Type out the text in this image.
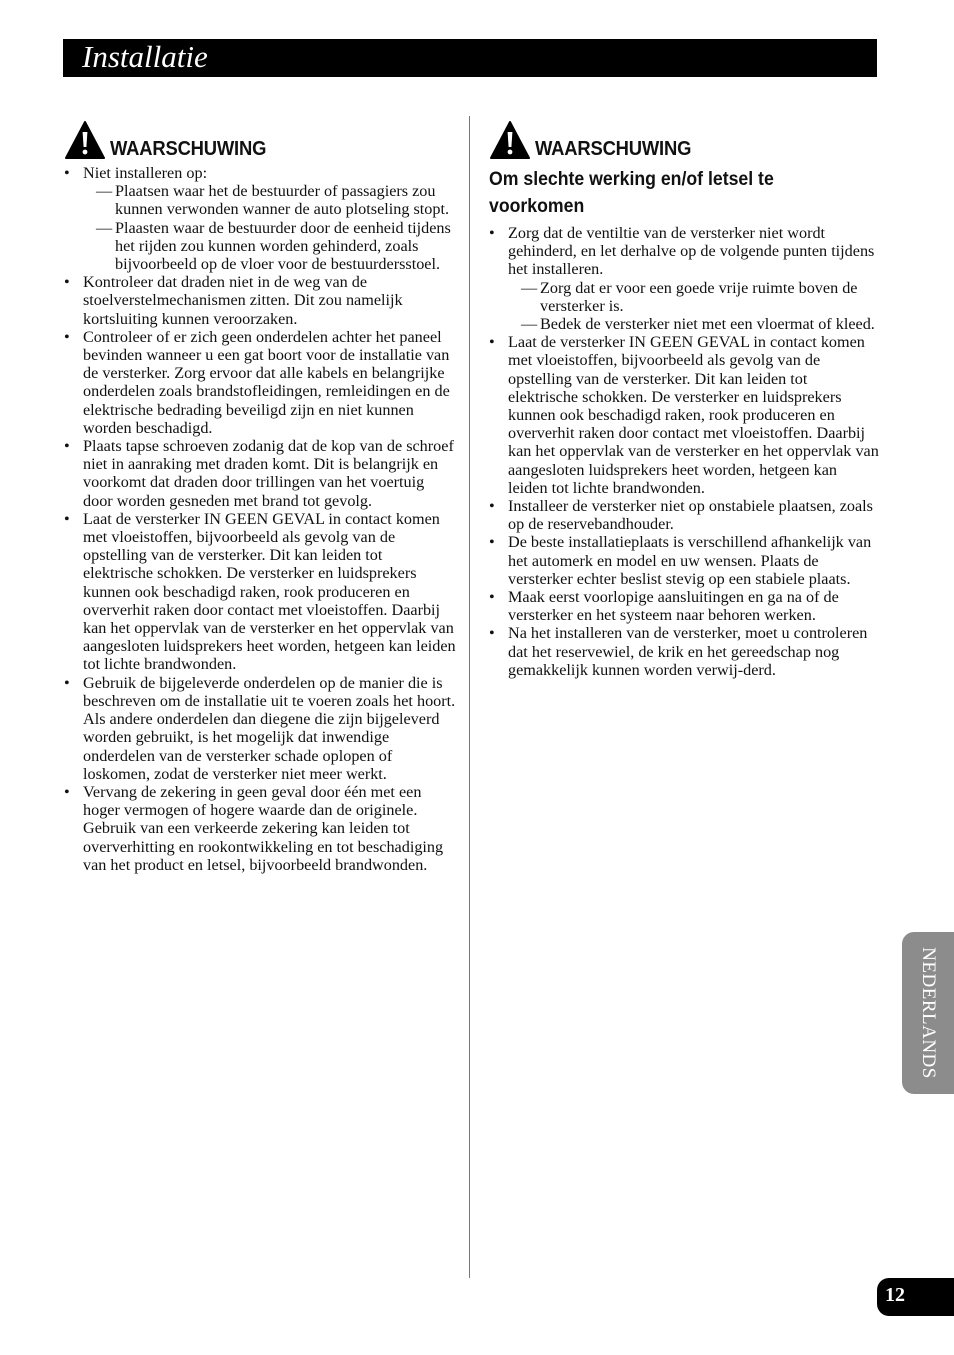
Installatie
WAARSCHUWING
• Niet installeren op:
— Plaatsen waar het de bestuurder of passagiers zou kunnen verwonden wanner de auto plotseling stopt.
— Plaasten waar de bestuurder door de eenheid tijdens het rijden zou kunnen worden gehinderd, zoals bijvoorbeeld op de vloer voor de bestuurdersstoel.
• Kontroleer dat draden niet in de weg van de stoelverstelmechanismen zitten. Dit zou namelijk kortsluiting kunnen veroorzaken.
• Controleer of er zich geen onderdelen achter het paneel bevinden wanneer u een gat boort voor de installatie van de versterker. Zorg ervoor dat alle kabels en belangrijke onderdelen zoals brandstofleidingen, remleidingen en de elektrische bedrading beveiligd zijn en niet kunnen worden beschadigd.
• Plaats tapse schroeven zodanig dat de kop van de schroef niet in aanraking met draden komt. Dit is belangrijk en voorkomt dat draden door trillingen van het voertuig door worden gesneden met brand tot gevolg.
• Laat de versterker IN GEEN GEVAL in contact komen met vloeistoffen, bijvoorbeeld als gevolg van de opstelling van de versterker. Dit kan leiden tot elektrische schokken. De versterker en luidsprekers kunnen ook beschadigd raken, rook produceren en oververhit raken door contact met vloeistoffen. Daarbij kan het oppervlak van de versterker en het oppervlak van aangesloten luidsprekers heet worden, hetgeen kan leiden tot lichte brandwonden.
• Gebruik de bijgeleverde onderdelen op de manier die is beschreven om de installatie uit te voeren zoals het hoort. Als andere onderdelen dan diegene die zijn bijgeleverd worden gebruikt, is het mogelijk dat inwendige onderdelen van de versterker schade oplopen of loskomen, zodat de versterker niet meer werkt.
• Vervang de zekering in geen geval door één met een hoger vermogen of hogere waarde dan de originele. Gebruik van een verkeerde zekering kan leiden tot oververhitting en rookontwikkeling en tot beschadiging van het product en letsel, bijvoorbeeld brandwonden.
WAARSCHUWING
Om slechte werking en/of letsel te voorkomen
• Zorg dat de ventiltie van de versterker niet wordt gehinderd, en let derhalve op de volgende punten tijdens het installeren.
— Zorg dat er voor een goede vrije ruimte boven de versterker is.
— Bedek de versterker niet met een vloermat of kleed.
• Laat de versterker IN GEEN GEVAL in contact komen met vloeistoffen, bijvoorbeeld als gevolg van de opstelling van de versterker. Dit kan leiden tot elektrische schokken. De versterker en luidsprekers kunnen ook beschadigd raken, rook produceren en oververhit raken door contact met vloeistoffen. Daarbij kan het oppervlak van de versterker en het oppervlak van aangesloten luidsprekers heet worden, hetgeen kan leiden tot lichte brandwonden.
• Installeer de versterker niet op onstabiele plaatsen, zoals op de reservebandhouder.
• De beste installatieplaats is verschillend afhankelijk van het automerk en model en uw wensen. Plaats de versterker echter beslist stevig op een stabiele plaats.
• Maak eerst voorlopige aansluitingen en ga na of de versterker en het systeem naar behoren werken.
• Na het installeren van de versterker, moet u controleren dat het reservewiel, de krik en het gereedschap nog gemakkelijk kunnen worden verwij-derd.
NEDERLANDS
12
